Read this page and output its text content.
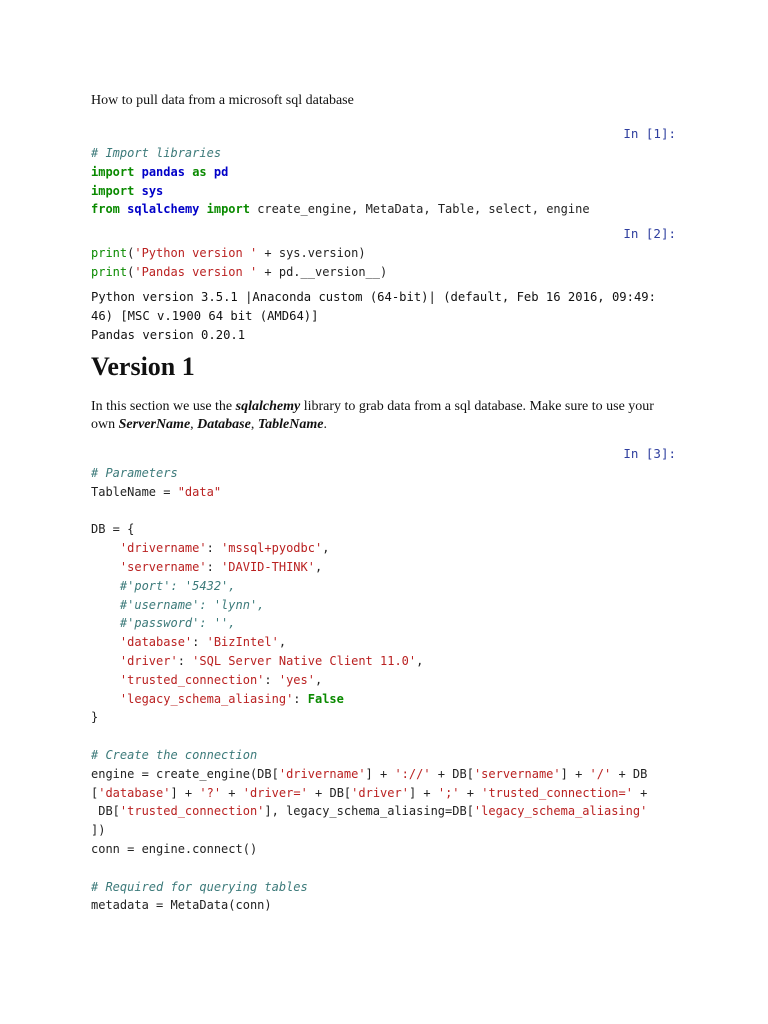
How to pull data from a microsoft sql database
In [1]:
# Import libraries
import pandas as pd
import sys
from sqlalchemy import create_engine, MetaData, Table, select, engine
In [2]:
print('Python version ' + sys.version)
print('Pandas version ' + pd.__version__)
Python version 3.5.1 |Anaconda custom (64-bit)| (default, Feb 16 2016, 09:49:
46) [MSC v.1900 64 bit (AMD64)]
Pandas version 0.20.1
Version 1
In this section we use the sqlalchemy library to grab data from a sql database. Make sure to use your own ServerName, Database, TableName.
In [3]:
# Parameters
TableName = "data"

DB = {
'drivername': 'mssql+pyodbc',
'servername': 'DAVID-THINK',
#'port': '5432',
#'username': 'lynn',
#'password': '',
'database': 'BizIntel',
'driver': 'SQL Server Native Client 11.0',
'trusted_connection': 'yes',
'legacy_schema_aliasing': False
}

# Create the connection
engine = create_engine(DB['drivername'] + '://' + DB['servername'] + '/' + DB
['database'] + '?' + 'driver=' + DB['driver'] + ';' + 'trusted_connection=' +
DB['trusted_connection'], legacy_schema_aliasing=DB['legacy_schema_aliasing'
])
conn = engine.connect()

# Required for querying tables
metadata = MetaData(conn)
